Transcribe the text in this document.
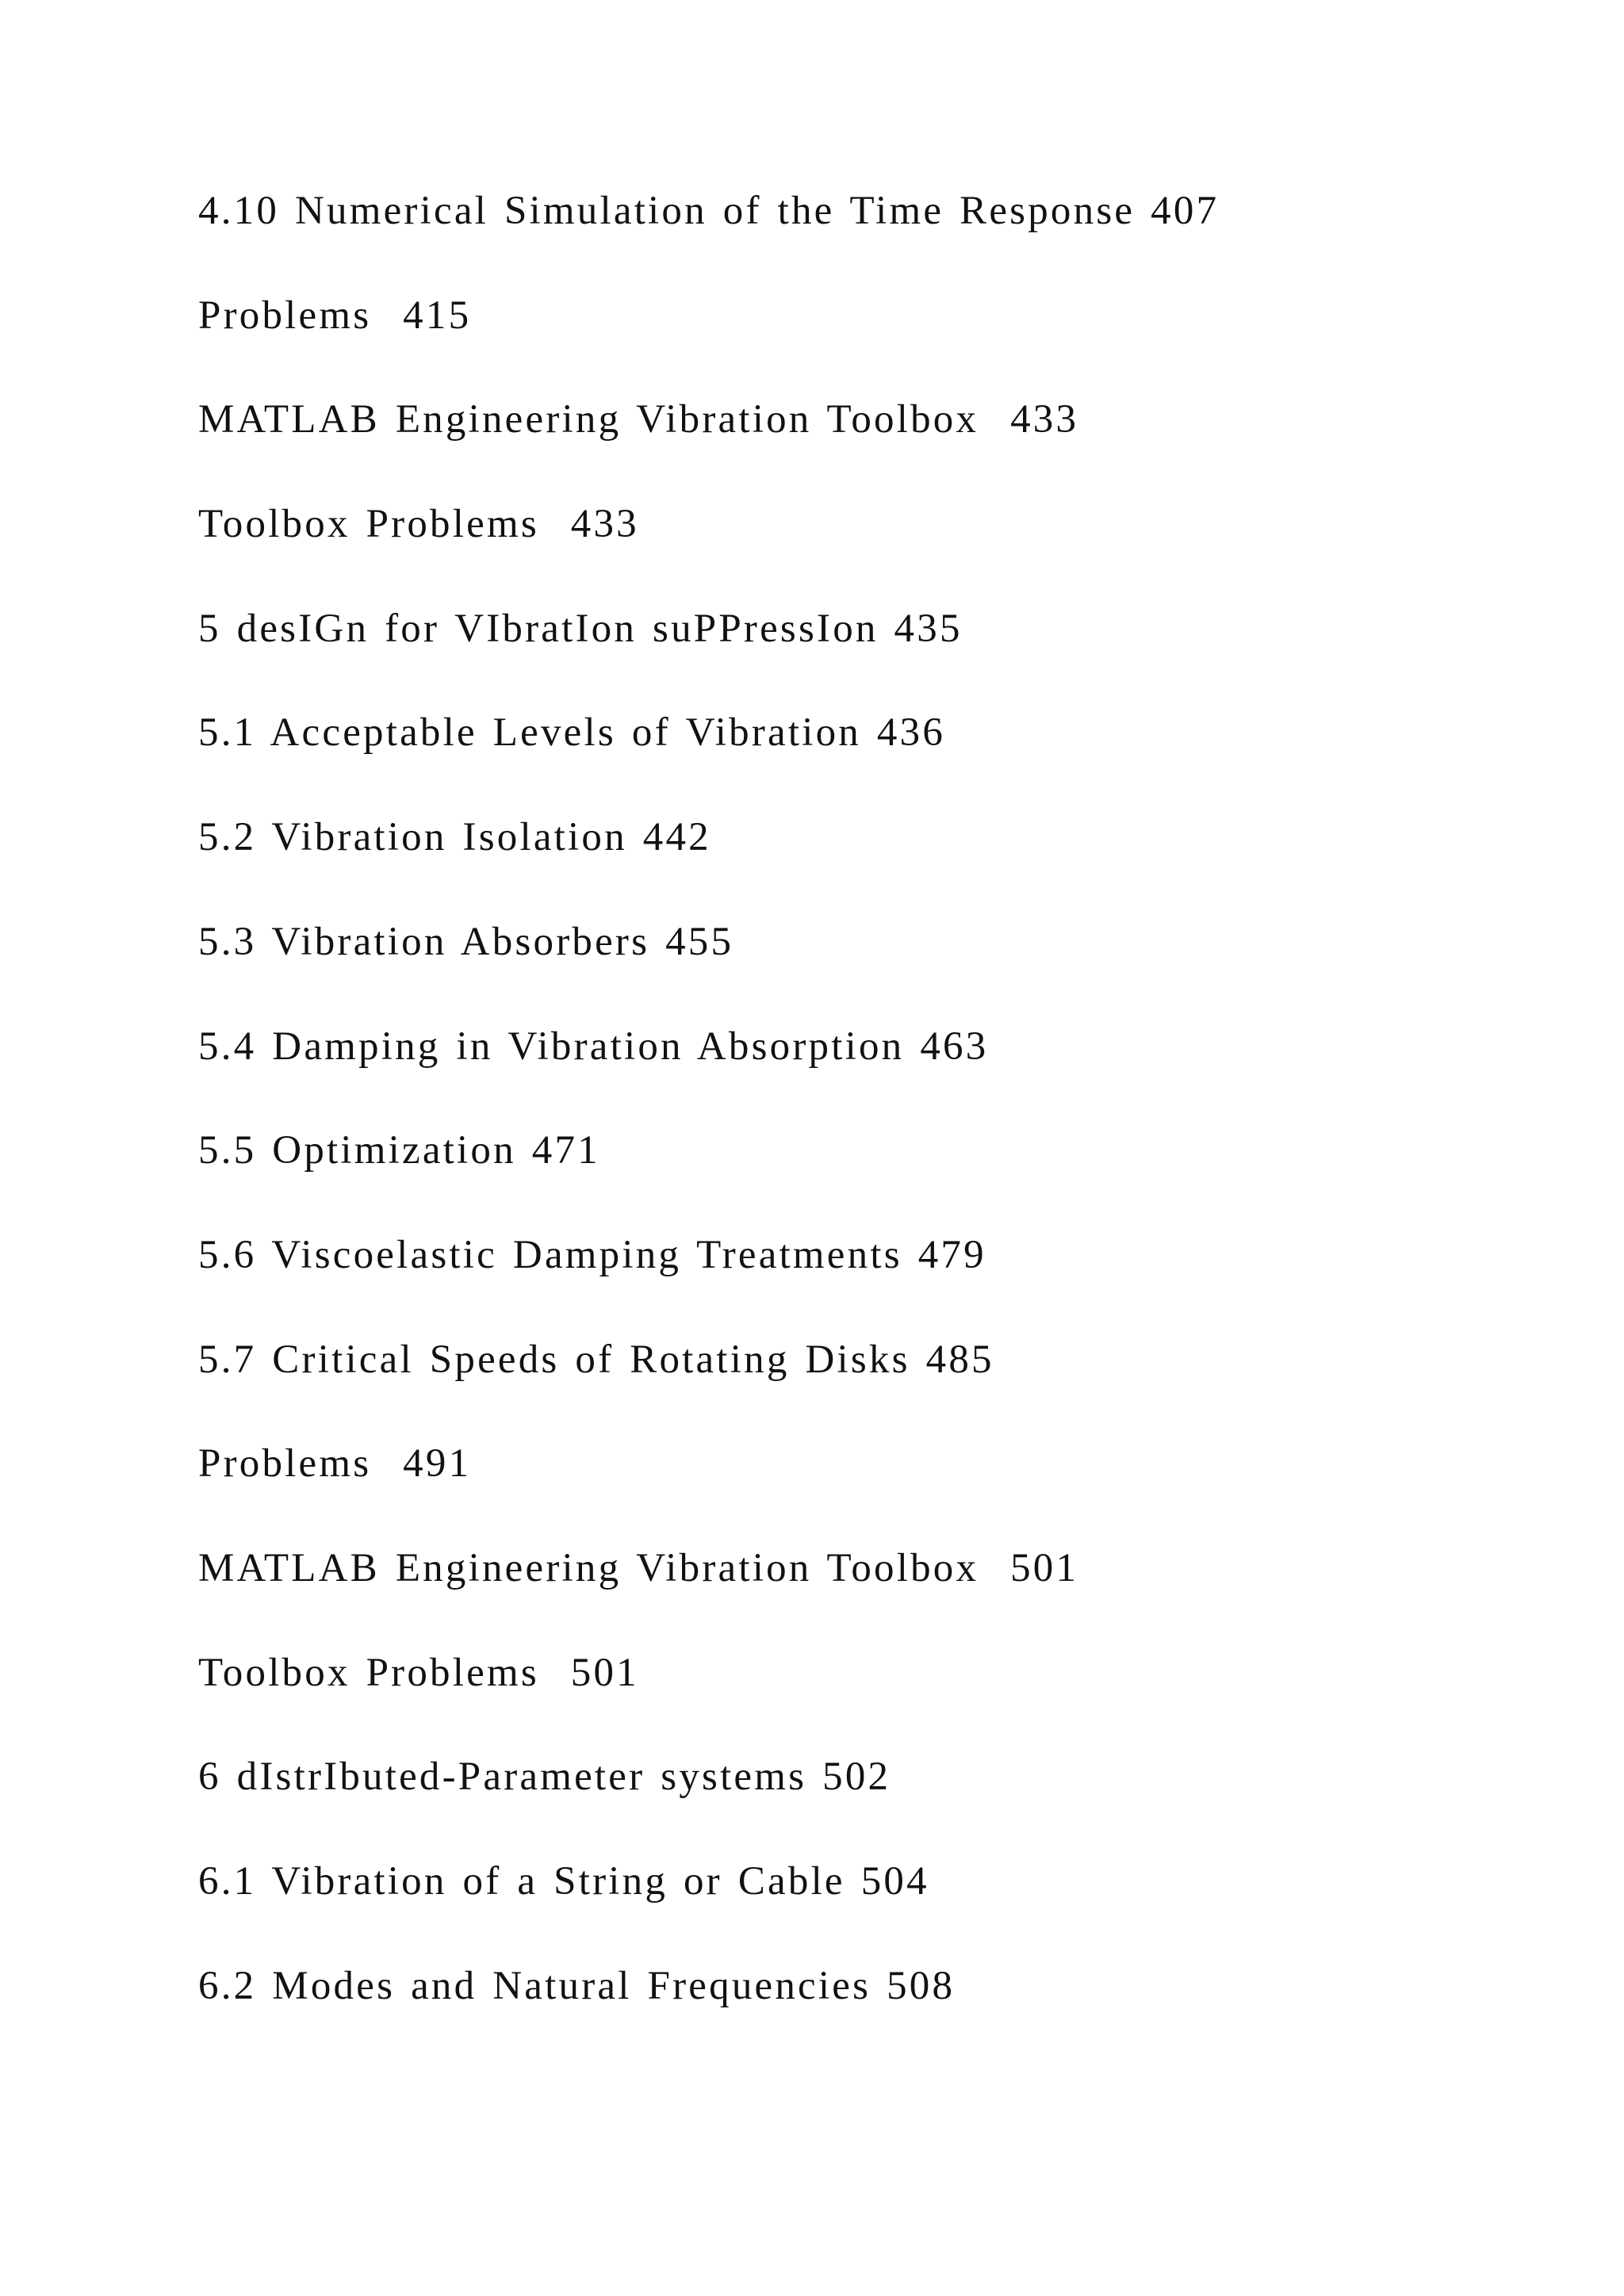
4.10 Numerical Simulation of the Time Response 407
Problems  415
MATLAB Engineering Vibration Toolbox  433
Toolbox Problems  433
5 desIGn for VIbratIon suPPressIon 435
5.1 Acceptable Levels of Vibration 436
5.2 Vibration Isolation 442
5.3 Vibration Absorbers 455
5.4 Damping in Vibration Absorption 463
5.5 Optimization 471
5.6 Viscoelastic Damping Treatments 479
5.7 Critical Speeds of Rotating Disks 485
Problems  491
MATLAB Engineering Vibration Toolbox  501
Toolbox Problems  501
6 dIstrIbuted-Parameter systems 502
6.1 Vibration of a String or Cable 504
6.2 Modes and Natural Frequencies 508
